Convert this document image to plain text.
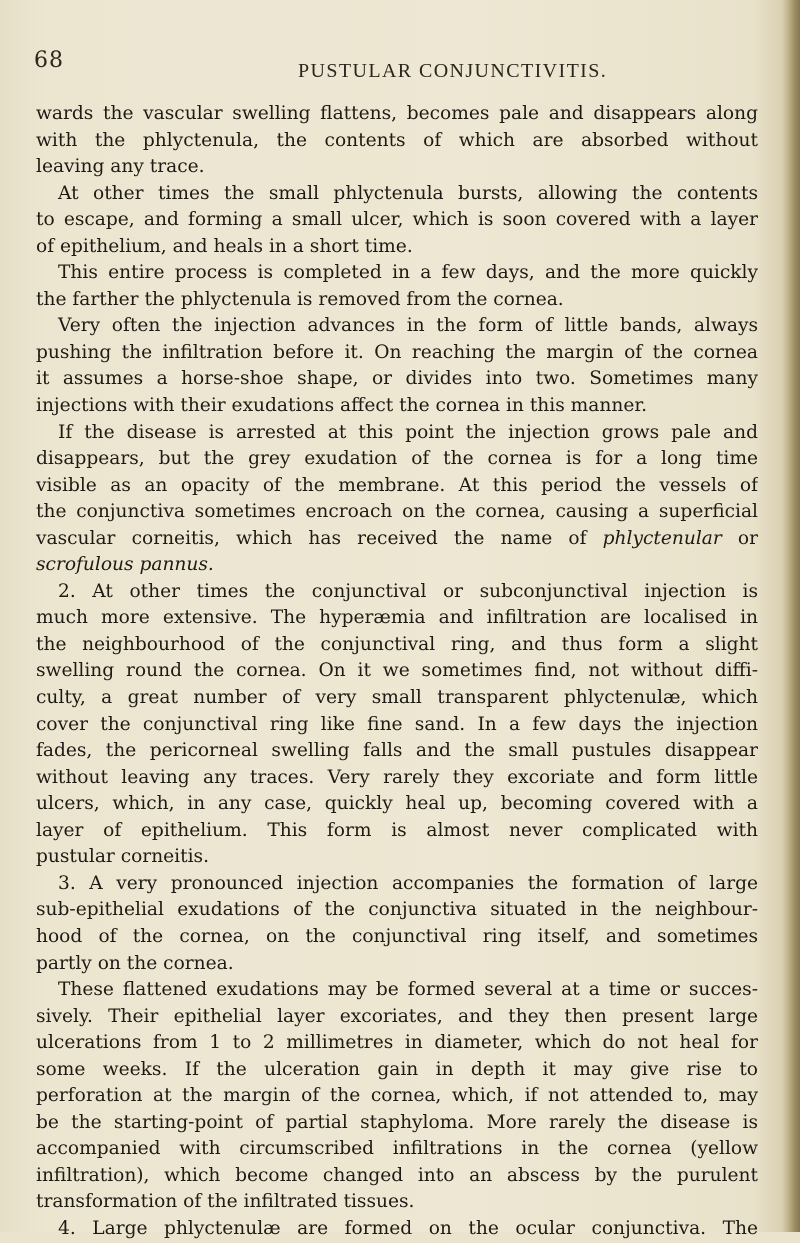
68	PUSTULAR CONJUNCTIVITIS.
wards the vascular swelling flattens, becomes pale and disappears along
with the phlyctenula, the contents of which are absorbed without
leaving any trace.
At other times the small phlyctenula bursts, allowing the contents
to escape, and forming a small ulcer, which is soon covered with a layer
of epithelium, and heals in a short time.
This entire process is completed in a few days, and the more quickly
the farther the phlyctenula is removed from the cornea.
Very often the injection advances in the form of little bands, always
pushing the infiltration before it. On reaching the margin of the cornea
it assumes a horse-shoe shape, or divides into two. Sometimes many
injections with their exudations affect the cornea in this manner.
If the disease is arrested at this point the injection grows pale and
disappears, but the grey exudation of the cornea is for a long time
visible as an opacity of the membrane. At this period the vessels of
the conjunctiva sometimes encroach on the cornea, causing a superficial
vascular corneitis, which has received the name of phlyctenular or
scrofulous pannus.
2. At other times the conjunctival or subconjunctival injection is
much more extensive. The hyperæmia and infiltration are localised in
the neighbourhood of the conjunctival ring, and thus form a slight
swelling round the cornea. On it we sometimes find, not without diffi-
culty, a great number of very small transparent phlyctenulæ, which
cover the conjunctival ring like fine sand. In a few days the injection
fades, the pericorneal swelling falls and the small pustules disappear
without leaving any traces. Very rarely they excoriate and form little
ulcers, which, in any case, quickly heal up, becoming covered with a
layer of epithelium. This form is almost never complicated with
pustular corneitis.
3. A very pronounced injection accompanies the formation of large
sub-epithelial exudations of the conjunctiva situated in the neighbour-
hood of the cornea, on the conjunctival ring itself, and sometimes
partly on the cornea.
These flattened exudations may be formed several at a time or succes-
sively. Their epithelial layer excoriates, and they then present large
ulcerations from 1 to 2 millimetres in diameter, which do not heal for
some weeks. If the ulceration gain in depth it may give rise to
perforation at the margin of the cornea, which, if not attended to, may
be the starting-point of partial staphyloma. More rarely the disease is
accompanied with circumscribed infiltrations in the cornea (yellow
infiltration), which become changed into an abscess by the purulent
transformation of the infiltrated tissues.
4. Large phlyctenulæ are formed on the ocular conjunctiva. The
